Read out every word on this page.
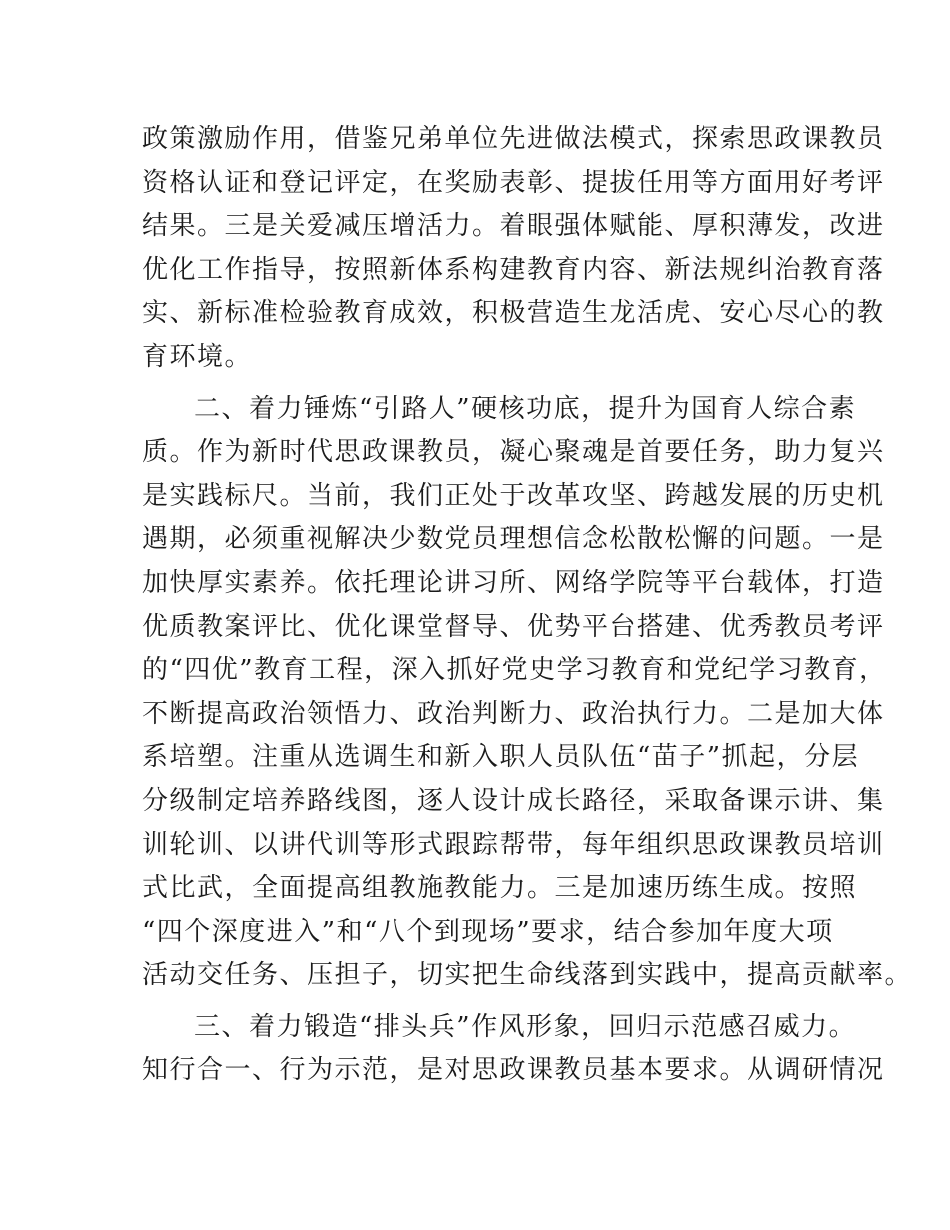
政策激励作用，借鉴兄弟单位先进做法模式，探索思政课教员
资格认证和登记评定，在奖励表彰、提拔任用等方面用好考评
结果。三是关爱减压增活力。着眼强体赋能、厚积薄发，改进
优化工作指导，按照新体系构建教育内容、新法规纠治教育落
实、新标准检验教育成效，积极营造生龙活虎、安心尽心的教
育环境。
二、着力锤炼“引路人”硬核功底，提升为国育人综合素
质。作为新时代思政课教员，凝心聚魂是首要任务，助力复兴
是实践标尺。当前，我们正处于改革攻坚、跨越发展的历史机
遇期，必须重视解决少数党员理想信念松散松懈的问题。一是
加快厚实素养。依托理论讲习所、网络学院等平台载体，打造
优质教案评比、优化课堂督导、优势平台搭建、优秀教员考评
的“四优”教育工程，深入抓好党史学习教育和党纪学习教育，
不断提高政治领悟力、政治判断力、政治执行力。二是加大体
系培塑。注重从选调生和新入职人员队伍“苗子”抓起，分层
分级制定培养路线图，逐人设计成长路径，采取备课示讲、集
训轮训、以讲代训等形式跟踪帮带，每年组织思政课教员培训
式比武，全面提高组教施教能力。三是加速历练生成。按照
“四个深度进入”和“八个到现场”要求，结合参加年度大项
活动交任务、压担子，切实把生命线落到实践中，提高贡献率。
三、着力锻造“排头兵”作风形象，回归示范感召威力。
知行合一、行为示范，是对思政课教员基本要求。从调研情况
